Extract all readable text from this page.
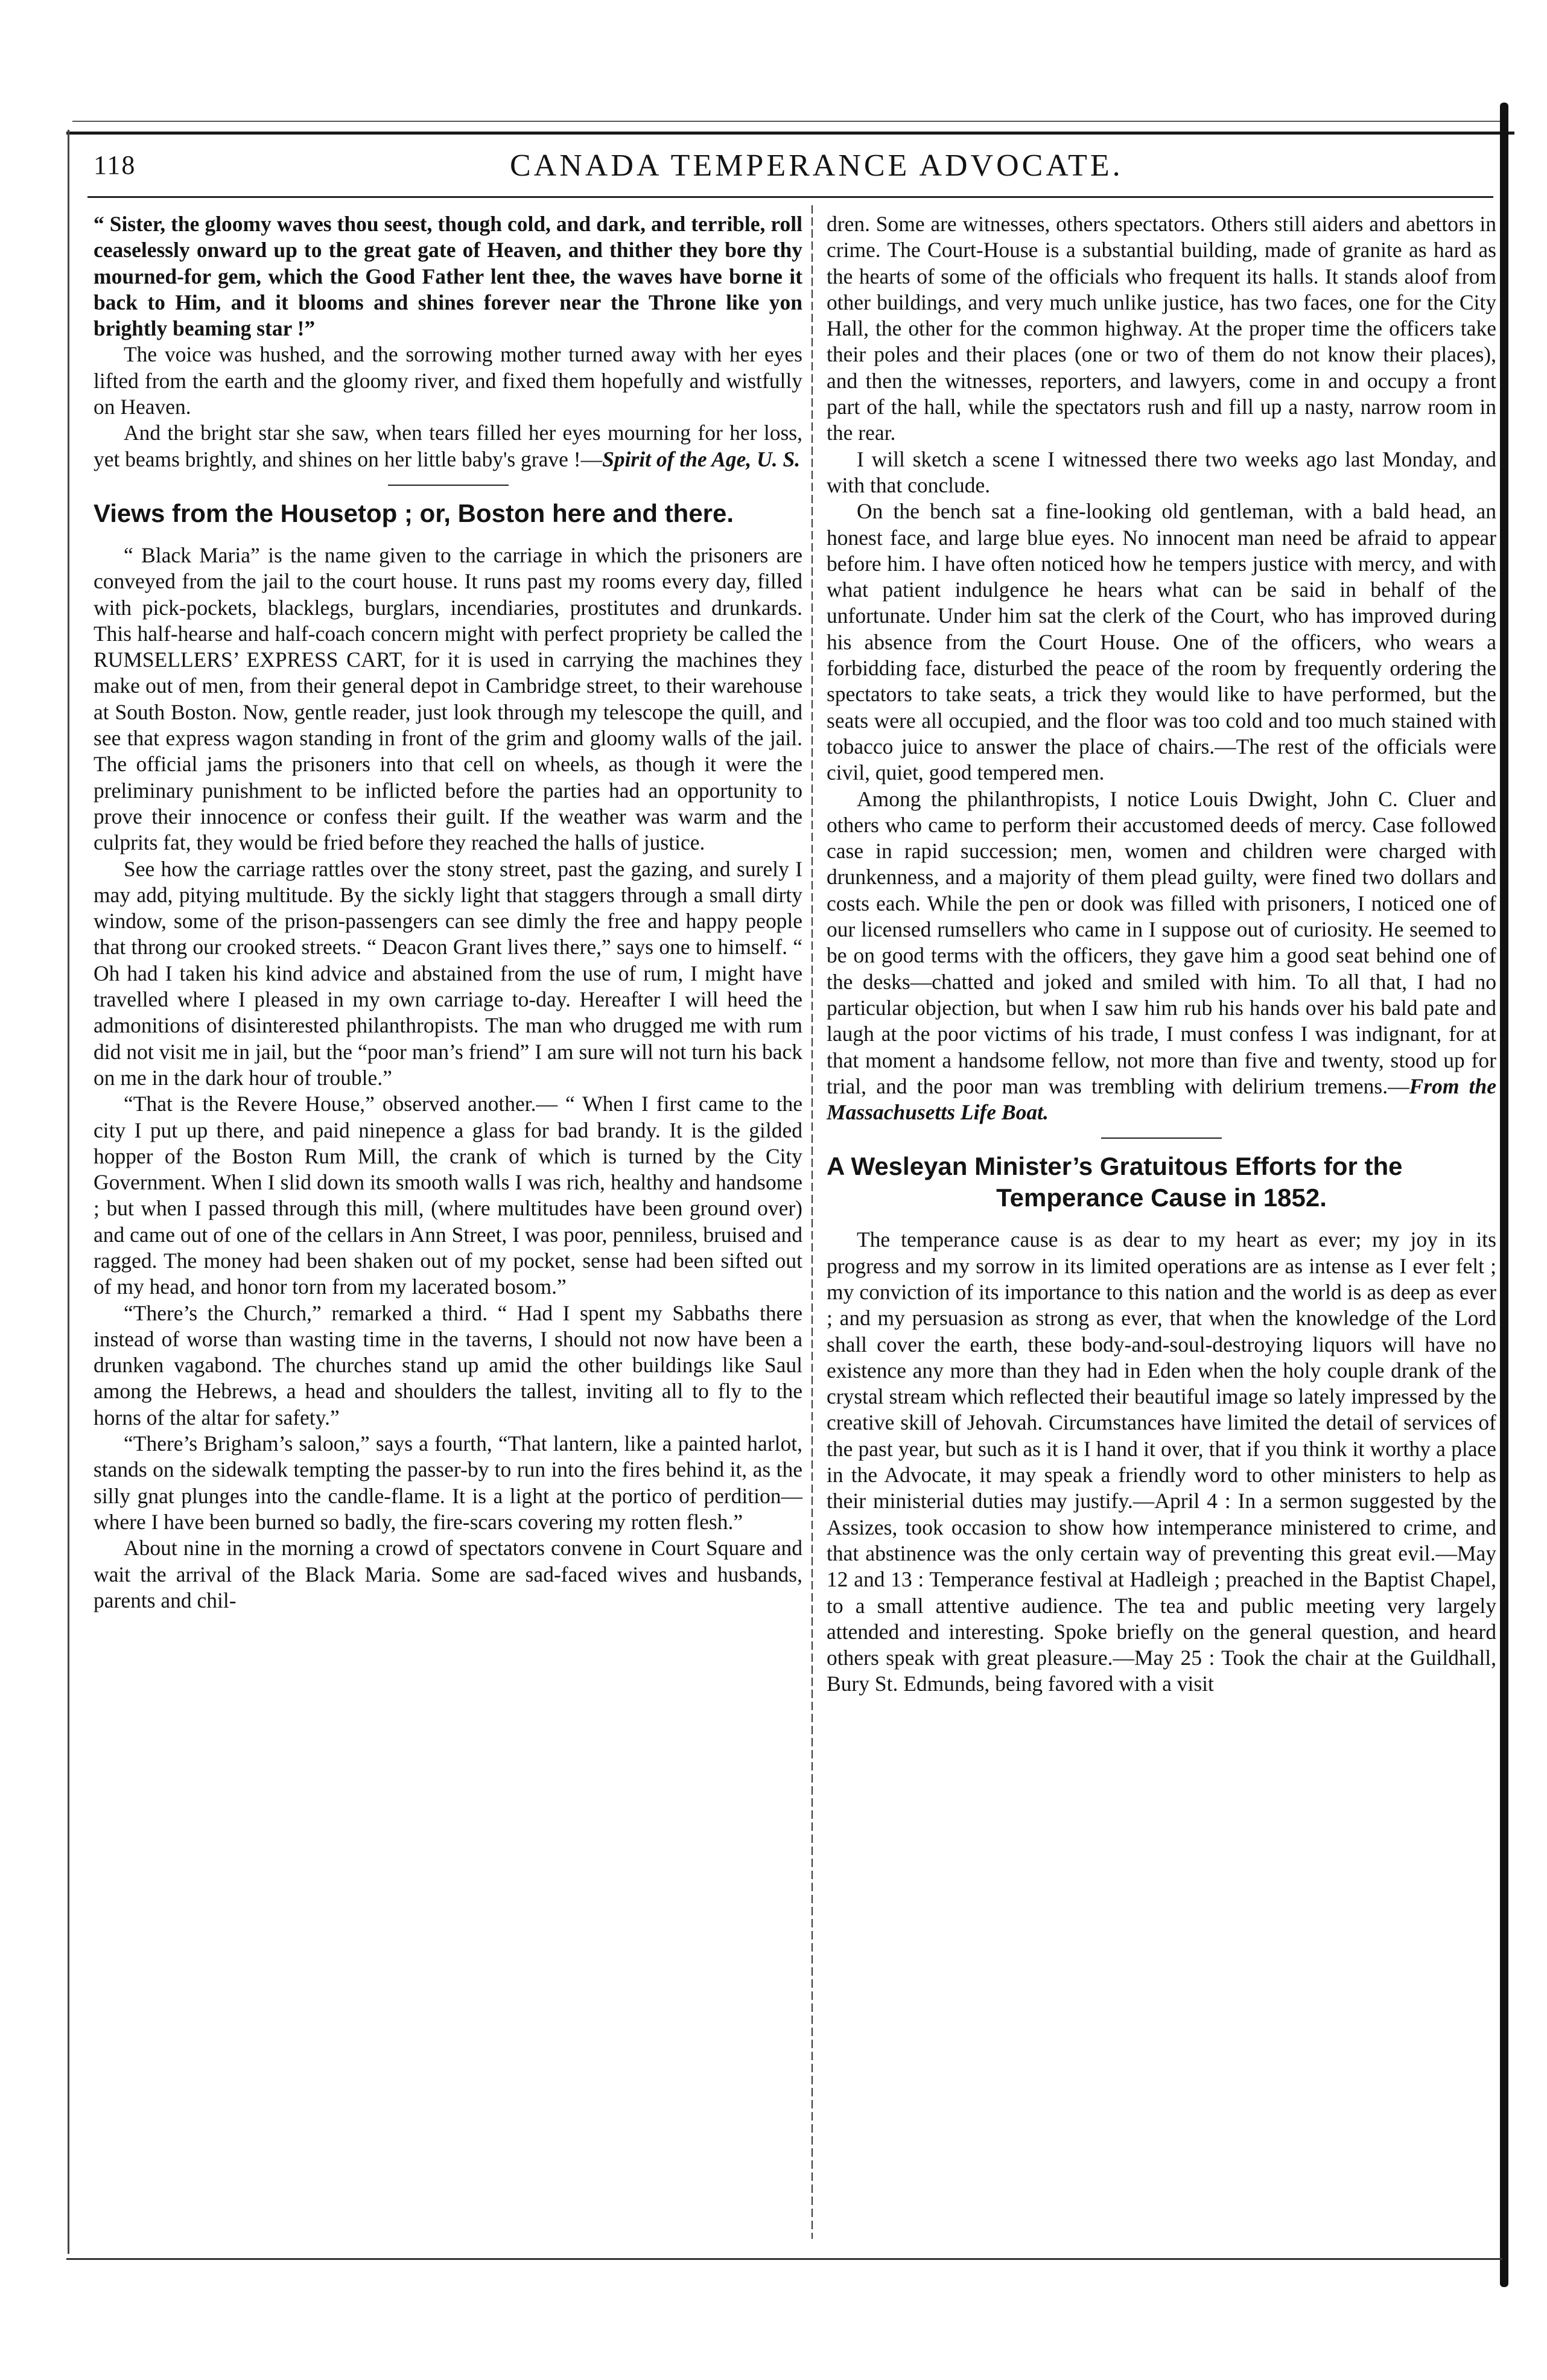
118	CANADA TEMPERANCE ADVOCATE.

“ Sister, the gloomy waves thou seest, though cold, and dark, and terrible, roll ceaselessly onward up to the great gate of Heaven, and thither they bore thy mourned-for gem, which the Good Father lent thee, the waves have borne it back to Him, and it blooms and shines forever near the Throne like yon brightly beaming star !”

The voice was hushed, and the sorrowing mother turned away with her eyes lifted from the earth and the gloomy river, and fixed them hopefully and wistfully on Heaven.

And the bright star she saw, when tears filled her eyes mourning for her loss, yet beams brightly, and shines on her little baby's grave !—Spirit of the Age, U. S.

Views from the Housetop ; or, Boston here and there.

“ Black Maria” is the name given to the carriage in which the prisoners are conveyed from the jail to the court house. It runs past my rooms every day, filled with pick-pockets, blacklegs, burglars, incendiaries, prostitutes and drunkards. This half-hearse and half-coach concern might with perfect propriety be called the RUMSELLERS’ EXPRESS CART, for it is used in carrying the machines they make out of men, from their general depot in Cambridge street, to their warehouse at South Boston. Now, gentle reader, just look through my telescope the quill, and see that express wagon standing in front of the grim and gloomy walls of the jail. The official jams the prisoners into that cell on wheels, as though it were the preliminary punishment to be inflicted before the parties had an opportunity to prove their innocence or confess their guilt. If the weather was warm and the culprits fat, they would be fried before they reached the halls of justice.

See how the carriage rattles over the stony street, past the gazing, and surely I may add, pitying multitude. By the sickly light that staggers through a small dirty window, some of the prison-passengers can see dimly the free and happy people that throng our crooked streets. “ Deacon Grant lives there,” says one to himself. “ Oh had I taken his kind advice and abstained from the use of rum, I might have travelled where I pleased in my own carriage to-day. Hereafter I will heed the admonitions of disinterested philanthropists. The man who drugged me with rum did not visit me in jail, but the “poor man’s friend” I am sure will not turn his back on me in the dark hour of trouble.”

“That is the Revere House,” observed another.— “ When I first came to the city I put up there, and paid ninepence a glass for bad brandy. It is the gilded hopper of the Boston Rum Mill, the crank of which is turned by the City Government. When I slid down its smooth walls I was rich, healthy and handsome ; but when I passed through this mill, (where multitudes have been ground over) and came out of one of the cellars in Ann Street, I was poor, penniless, bruised and ragged. The money had been shaken out of my pocket, sense had been sifted out of my head, and honor torn from my lacerated bosom.”

“There’s the Church,” remarked a third. “ Had I spent my Sabbaths there instead of worse than wasting time in the taverns, I should not now have been a drunken vagabond. The churches stand up amid the other buildings like Saul among the Hebrews, a head and shoulders the tallest, inviting all to fly to the horns of the altar for safety.”

“There’s Brigham’s saloon,” says a fourth, “That lantern, like a painted harlot, stands on the sidewalk tempting the passer-by to run into the fires behind it, as the silly gnat plunges into the candle-flame. It is a light at the portico of perdition—where I have been burned so badly, the fire-scars covering my rotten flesh.”

About nine in the morning a crowd of spectators convene in Court Square and wait the arrival of the Black Maria. Some are sad-faced wives and husbands, parents and chil-

dren. Some are witnesses, others spectators. Others still aiders and abettors in crime. The Court-House is a substantial building, made of granite as hard as the hearts of some of the officials who frequent its halls. It stands aloof from other buildings, and very much unlike justice, has two faces, one for the City Hall, the other for the common highway. At the proper time the officers take their poles and their places (one or two of them do not know their places), and then the witnesses, reporters, and lawyers, come in and occupy a front part of the hall, while the spectators rush and fill up a nasty, narrow room in the rear.

I will sketch a scene I witnessed there two weeks ago last Monday, and with that conclude.

On the bench sat a fine-looking old gentleman, with a bald head, an honest face, and large blue eyes. No innocent man need be afraid to appear before him. I have often noticed how he tempers justice with mercy, and with what patient indulgence he hears what can be said in behalf of the unfortunate. Under him sat the clerk of the Court, who has improved during his absence from the Court House. One of the officers, who wears a forbidding face, disturbed the peace of the room by frequently ordering the spectators to take seats, a trick they would like to have performed, but the seats were all occupied, and the floor was too cold and too much stained with tobacco juice to answer the place of chairs.—The rest of the officials were civil, quiet, good tempered men.

Among the philanthropists, I notice Louis Dwight, John C. Cluer and others who came to perform their accustomed deeds of mercy. Case followed case in rapid succession; men, women and children were charged with drunkenness, and a majority of them plead guilty, were fined two dollars and costs each. While the pen or dook was filled with prisoners, I noticed one of our licensed rumsellers who came in I suppose out of curiosity. He seemed to be on good terms with the officers, they gave him a good seat behind one of the desks—chatted and joked and smiled with him. To all that, I had no particular objection, but when I saw him rub his hands over his bald pate and laugh at the poor victims of his trade, I must confess I was indignant, for at that moment a handsome fellow, not more than five and twenty, stood up for trial, and the poor man was trembling with delirium tremens.—From the Massachusetts Life Boat.

A Wesleyan Minister’s Gratuitous Efforts for the
Temperance Cause in 1852.

The temperance cause is as dear to my heart as ever; my joy in its progress and my sorrow in its limited operations are as intense as I ever felt ; my conviction of its importance to this nation and the world is as deep as ever ; and my persuasion as strong as ever, that when the knowledge of the Lord shall cover the earth, these body-and-soul-destroying liquors will have no existence any more than they had in Eden when the holy couple drank of the crystal stream which reflected their beautiful image so lately impressed by the creative skill of Jehovah. Circumstances have limited the detail of services of the past year, but such as it is I hand it over, that if you think it worthy a place in the Advocate, it may speak a friendly word to other ministers to help as their ministerial duties may justify.—April 4 : In a sermon suggested by the Assizes, took occasion to show how intemperance ministered to crime, and that abstinence was the only certain way of preventing this great evil.—May 12 and 13 : Temperance festival at Hadleigh ; preached in the Baptist Chapel, to a small attentive audience. The tea and public meeting very largely attended and interesting. Spoke briefly on the general question, and heard others speak with great pleasure.—May 25 : Took the chair at the Guildhall, Bury St. Edmunds, being favored with a visit
